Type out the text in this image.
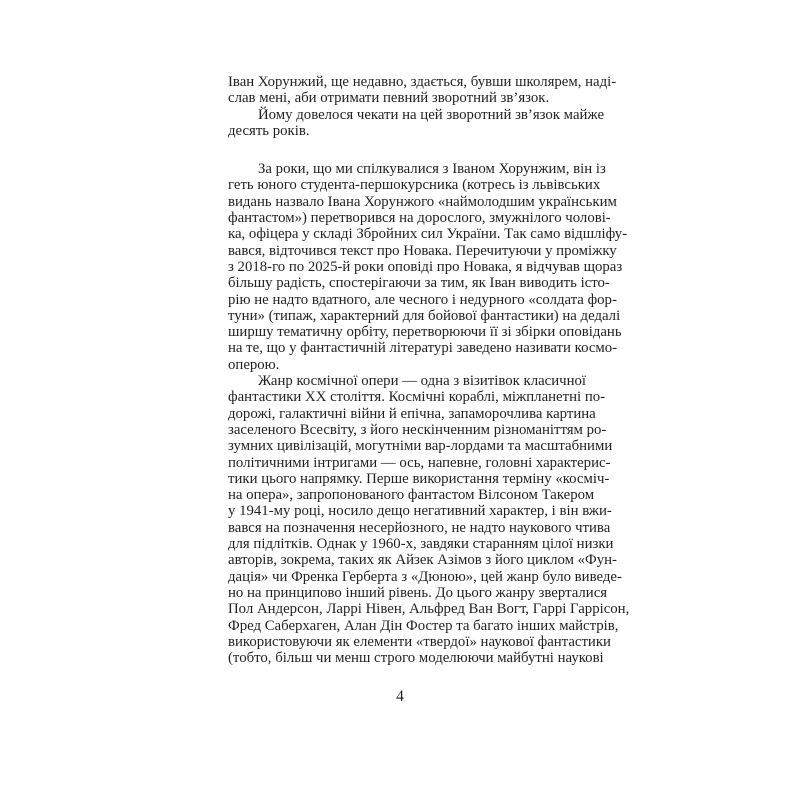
Іван Хорунжий, ще недавно, здається, бувши школярем, наді-
слав мені, аби отримати певний зворотний зв’язок.
Йому довелося чекати на цей зворотний зв’язок майже
десять років.
За роки, що ми спілкувалися з Іваном Хорунжим, він із
геть юного студента-першокурсника (котресь із львівських
видань назвало Івана Хорунжого «наймолодшим українським
фантастом») перетворився на дорослого, змужнілого чолові-
ка, офіцера у складі Збройних сил України. Так само відшліфу-
вався, відточився текст про Новака. Перечитуючи у проміжку
з 2018-го по 2025-й роки оповіді про Новака, я відчував щораз
більшу радість, спостерігаючи за тим, як Іван виводить істо-
рію не надто вдатного, але чесного і недурного «солдата фор-
туни» (типаж, характерний для бойової фантастики) на дедалі
ширшу тематичну орбіту, перетворюючи її зі збірки оповідань
на те, що у фантастичній літературі заведено називати космо-
оперою.
Жанр космічної опери — одна з візитівок класичної
фантастики XX століття. Космічні кораблі, міжпланетні по-
дорожі, галактичні війни й епічна, запаморочлива картина
заселеного Всесвіту, з його нескінченним різноманіттям ро-
зумних цивілізацій, могутніми вар-лордами та масштабними
політичними інтригами — ось, напевне, головні характерис-
тики цього напрямку. Перше використання терміну «косміч-
на опера», запропонованого фантастом Вілсоном Такером
у 1941-му році, носило дещо негативний характер, і він вжи-
вався на позначення несерйозного, не надто наукового чтива
для підлітків. Однак у 1960-х, завдяки старанням цілої низки
авторів, зокрема, таких як Айзек Азімов з його циклом «Фун-
дація» чи Френка Герберта з «Дюною», цей жанр було виведе-
но на принципово інший рівень. До цього жанру зверталися
Пол Андерсон, Ларрі Нівен, Альфред Ван Вогт, Гаррі Гаррісон,
Фред Саберхаген, Алан Дін Фостер та багато інших майстрів,
використовуючи як елементи «твердої» наукової фантастики
(тобто, більш чи менш строго моделюючи майбутні наукові
4
